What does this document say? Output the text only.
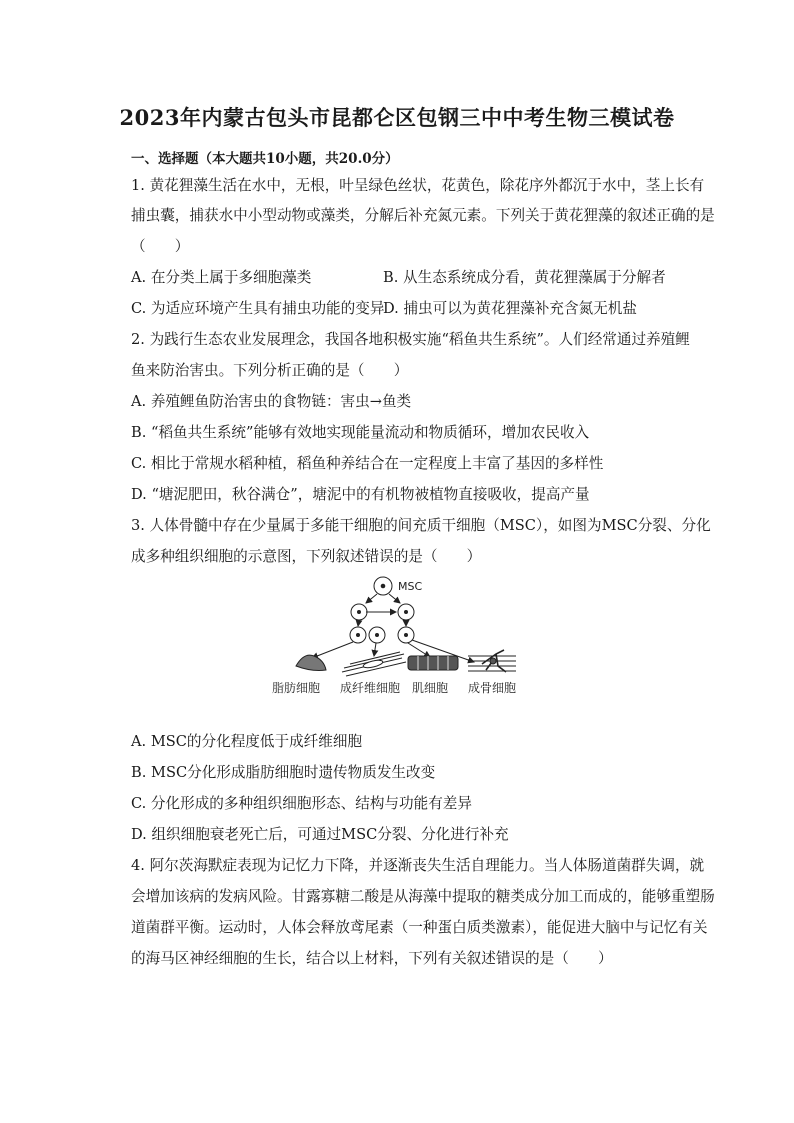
2023年内蒙古包头市昆都仑区包钢三中中考生物三模试卷
一、选择题（本大题共10小题，共20.0分）
1. 黄花狸藻生活在水中，无根，叶呈绿色丝状，花黄色，除花序外都沉于水中，茎上长有
捕虫囊，捕获水中小型动物或藻类，分解后补充氮元素。下列关于黄花狸藻的叙述正确的是
（　　）
A. 在分类上属于多细胞藻类	B. 从生态系统成分看，黄花狸藻属于分解者
C. 为适应环境产生具有捕虫功能的变异
D. 捕虫可以为黄花狸藻补充含氮无机盐
2. 为践行生态农业发展理念，我国各地积极实施“稻鱼共生系统”。人们经常通过养殖鲤
鱼来防治害虫。下列分析正确的是（　　）
A. 养殖鲤鱼防治害虫的食物链：害虫→鱼类
B. “稻鱼共生系统”能够有效地实现能量流动和物质循环，增加农民收入
C. 相比于常规水稻种植，稻鱼种养结合在一定程度上丰富了基因的多样性
D. “塘泥肥田，秋谷满仓”，塘泥中的有机物被植物直接吸收，提高产量
3. 人体骨髓中存在少量属于多能干细胞的间充质干细胞（MSC），如图为MSC分裂、分化
成多种组织细胞的示意图，下列叙述错误的是（　　）
MSC
脂肪细胞 成纤维细胞 肌细胞 成骨细胞
A. MSC的分化程度低于成纤维细胞
B. MSC分化形成脂肪细胞时遗传物质发生改变
C. 分化形成的多种组织细胞形态、结构与功能有差异
D. 组织细胞衰老死亡后，可通过MSC分裂、分化进行补充
4. 阿尔茨海默症表现为记忆力下降，并逐渐丧失生活自理能力。当人体肠道菌群失调，就
会增加该病的发病风险。甘露寡糖二酸是从海藻中提取的糖类成分加工而成的，能够重塑肠
道菌群平衡。运动时，人体会释放鸢尾素（一种蛋白质类激素），能促进大脑中与记忆有关
的海马区神经细胞的生长，结合以上材料，下列有关叙述错误的是（　　）
